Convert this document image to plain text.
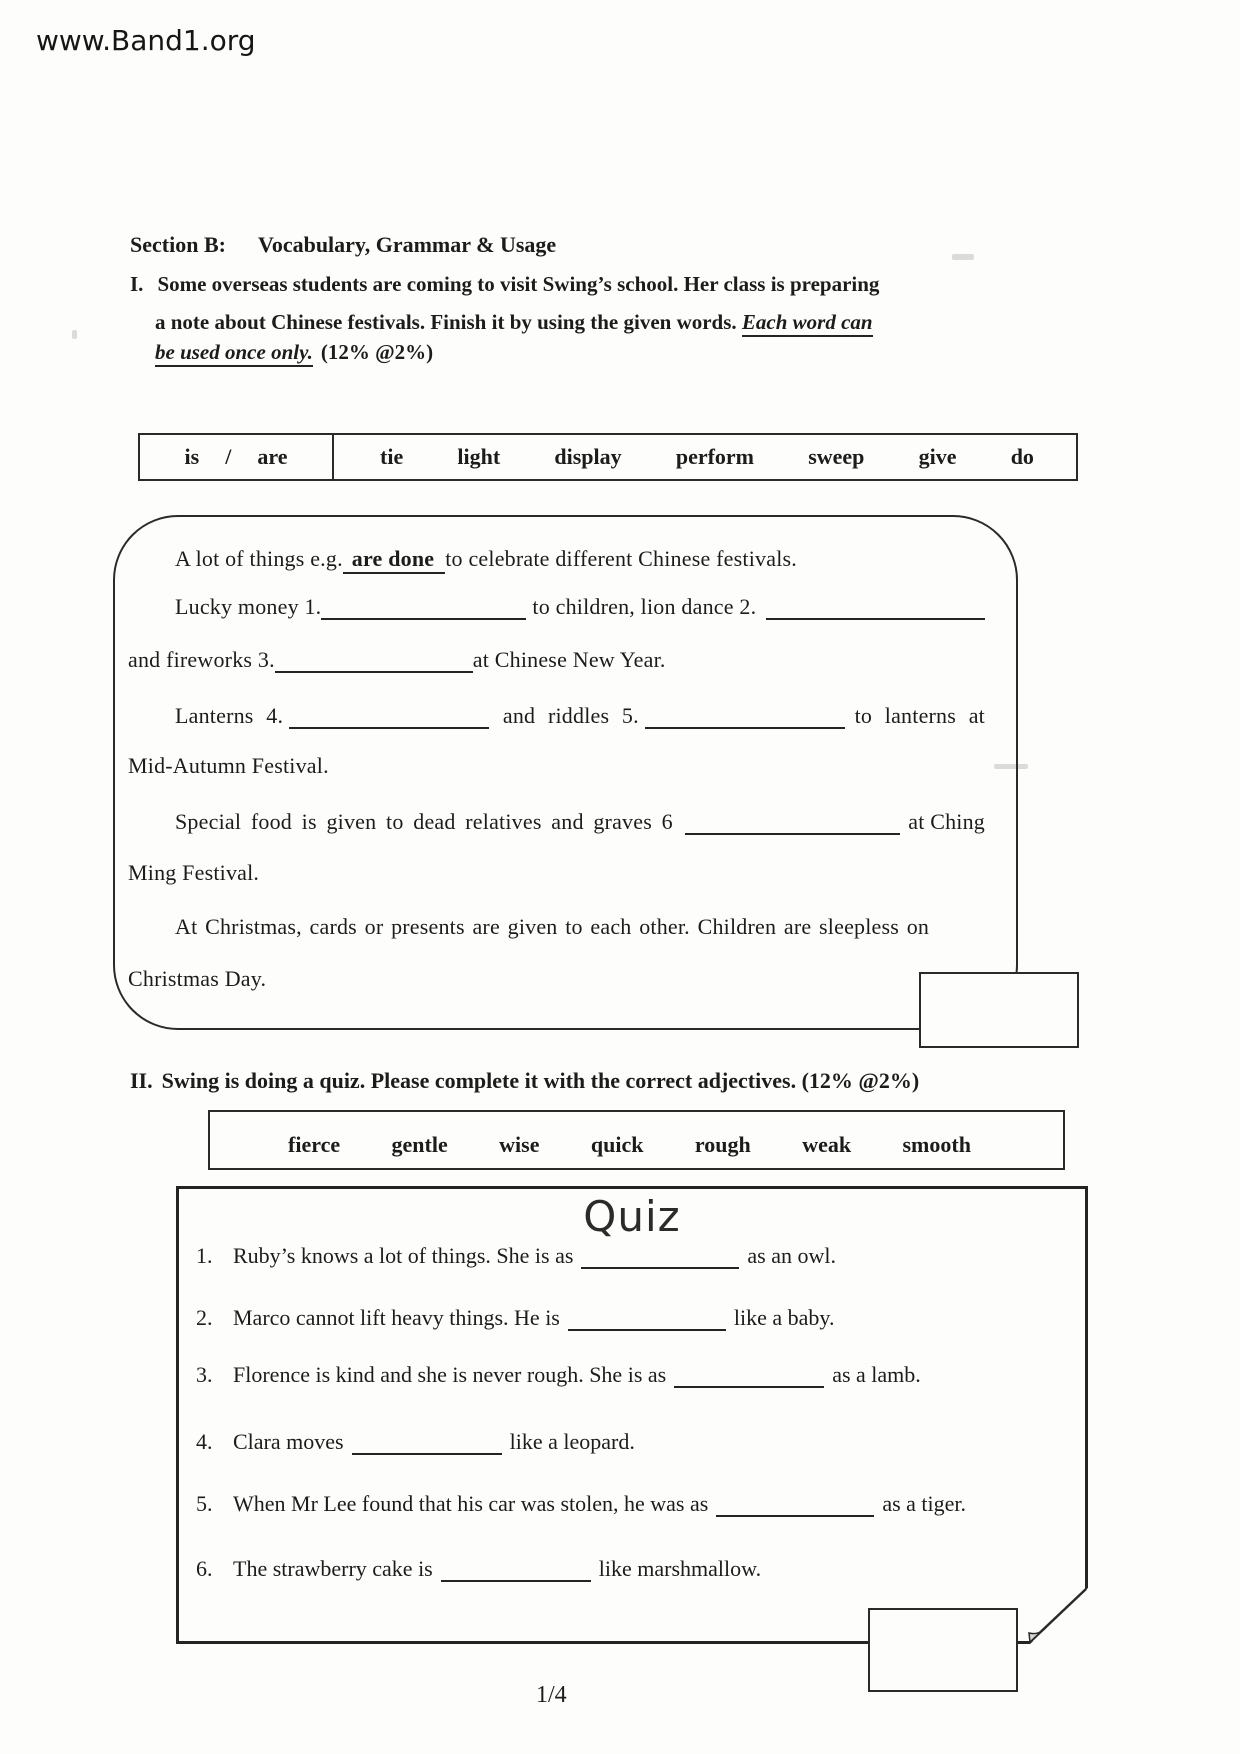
www.Band1.org
Section B: Vocabulary, Grammar & Usage
I. Some overseas students are coming to visit Swing’s school. Her class is preparing
a note about Chinese festivals. Finish it by using the given words. Each word can
be used once only. (12% @2%)
is / are	tie light display perform sweep give do
A lot of things e.g. are done to celebrate different Chinese festivals.
Lucky money 1.	to children, lion dance 2.
and fireworks 3.	at Chinese New Year.
Lanterns 4.	and riddles 5.	to lanterns at
Mid-Autumn Festival.
Special food is given to dead relatives and graves 6	at Ching
Ming Festival.
At Christmas, cards or presents are given to each other. Children are sleepless on
Christmas Day.
II. Swing is doing a quiz. Please complete it with the correct adjectives. (12% @2%)
fierce gentle wise quick rough weak smooth
Quiz
1. Ruby’s knows a lot of things. She is as	as an owl.
2. Marco cannot lift heavy things. He is	like a baby.
3. Florence is kind and she is never rough. She is as	as a lamb.
4. Clara moves	like a leopard.
5. When Mr Lee found that his car was stolen, he was as	as a tiger.
6. The strawberry cake is	like marshmallow.
1/4
